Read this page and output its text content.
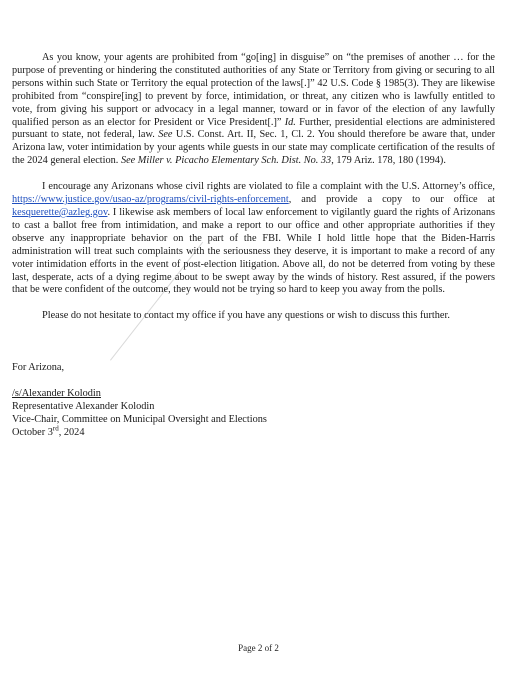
As you know, your agents are prohibited from “go[ing] in disguise” on “the premises of another … for the purpose of preventing or hindering the constituted authorities of any State or Territory from giving or securing to all persons within such State or Territory the equal protection of the laws[.]” 42 U.S. Code § 1985(3). They are likewise prohibited from “conspire[ing] to prevent by force, intimidation, or threat, any citizen who is lawfully entitled to vote, from giving his support or advocacy in a legal manner, toward or in favor of the election of any lawfully qualified person as an elector for President or Vice President[.]” Id. Further, presidential elections are administered pursuant to state, not federal, law. See U.S. Const. Art. II, Sec. 1, Cl. 2. You should therefore be aware that, under Arizona law, voter intimidation by your agents while guests in our state may complicate certification of the results of the 2024 general election. See Miller v. Picacho Elementary Sch. Dist. No. 33, 179 Ariz. 178, 180 (1994).

I encourage any Arizonans whose civil rights are violated to file a complaint with the U.S. Attorney’s office, https://www.justice.gov/usao-az/programs/civil-rights-enforcement, and provide a copy to our office at kesquerette@azleg.gov. I likewise ask members of local law enforcement to vigilantly guard the rights of Arizonans to cast a ballot free from intimidation, and make a report to our office and other appropriate authorities if they observe any inappropriate behavior on the part of the FBI. While I hold little hope that the Biden-Harris administration will treat such complaints with the seriousness they deserve, it is important to make a record of any voter intimidation efforts in the event of post-election litigation. Above all, do not be deterred from voting by these last, desperate, acts of a dying regime about to be swept away by the winds of history. Rest assured, if the powers that be were confident of the outcome, they would not be trying so hard to keep you away from the polls.

Please do not hesitate to contact my office if you have any questions or wish to discuss this further.

For Arizona,

/s/Alexander Kolodin

Representative Alexander Kolodin

Vice-Chair, Committee on Municipal Oversight and Elections

October 3rd, 2024

Page 2 of 2
